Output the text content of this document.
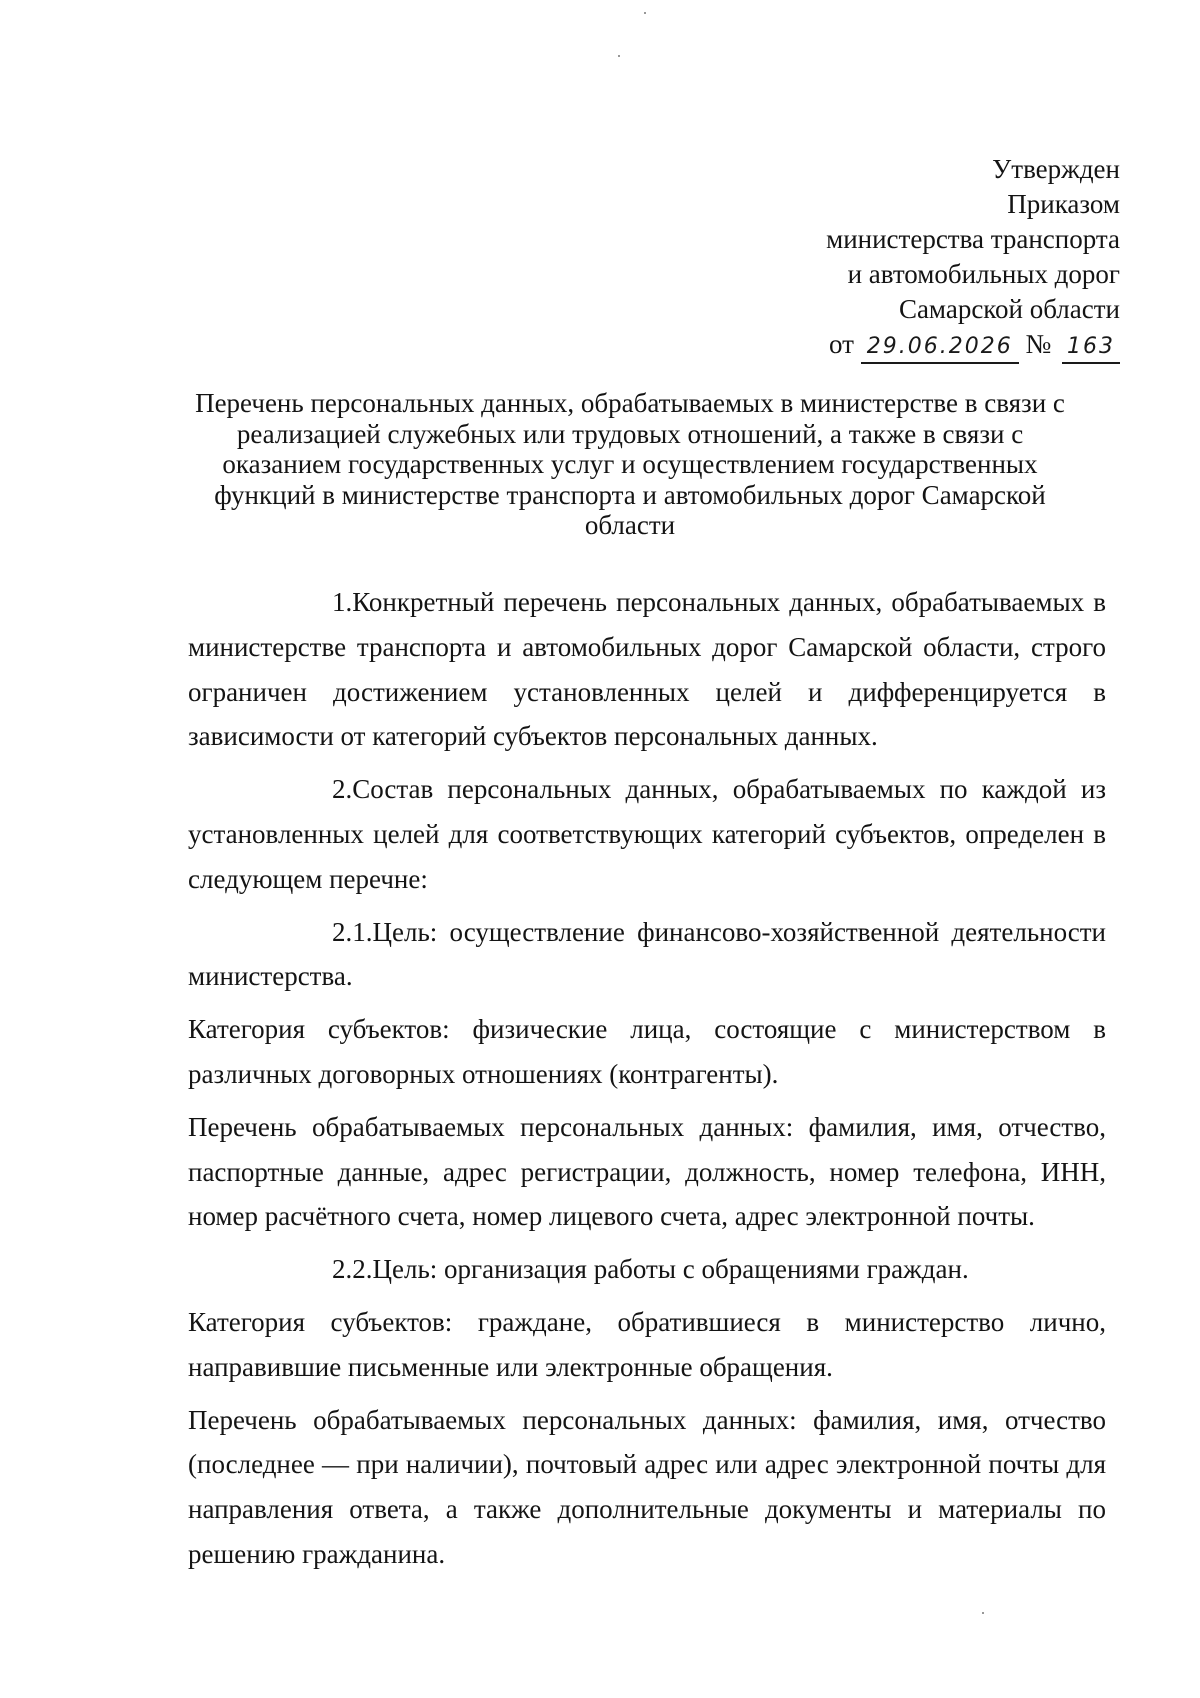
Утвержден
Приказом
министерства транспорта
и автомобильных дорог
Самарской области
от 29.06.2026 № 163
Перечень персональных данных, обрабатываемых в министерстве в связи с реализацией служебных или трудовых отношений, а также в связи с оказанием государственных услуг и осуществлением государственных функций в министерстве транспорта и автомобильных дорог Самарской области

1.Конкретный перечень персональных данных, обрабатываемых в министерстве транспорта и автомобильных дорог Самарской области, строго ограничен достижением установленных целей и дифференцируется в зависимости от категорий субъектов персональных данных.

2.Состав персональных данных, обрабатываемых по каждой из установленных целей для соответствующих категорий субъектов, определен в следующем перечне:

2.1.Цель: осуществление финансово-хозяйственной деятельности министерства.

Категория субъектов: физические лица, состоящие с министерством в различных договорных отношениях (контрагенты).

Перечень обрабатываемых персональных данных: фамилия, имя, отчество, паспортные данные, адрес регистрации, должность, номер телефона, ИНН, номер расчётного счета, номер лицевого счета, адрес электронной почты.

2.2.Цель: организация работы с обращениями граждан.

Категория субъектов: граждане, обратившиеся в министерство лично, направившие письменные или электронные обращения.

Перечень обрабатываемых персональных данных: фамилия, имя, отчество (последнее — при наличии), почтовый адрес или адрес электронной почты для направления ответа, а также дополнительные документы и материалы по решению гражданина.
